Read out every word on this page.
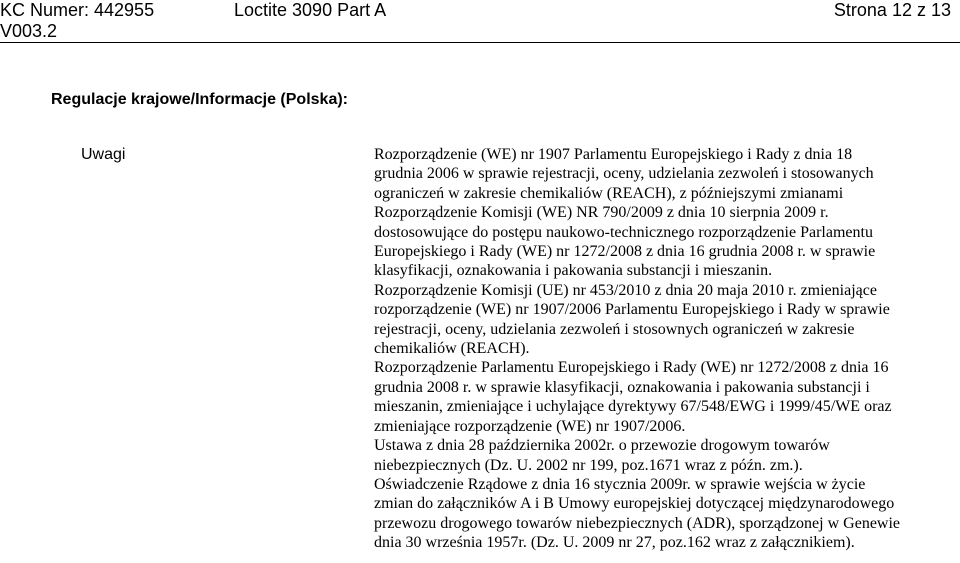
KC Numer: 442955
V003.2
Loctite 3090 Part A	Strona 12 z 13
Regulacje krajowe/Informacje (Polska):
Uwagi	Rozporządzenie (WE) nr 1907 Parlamentu Europejskiego i Rady z dnia 18
grudnia 2006 w sprawie rejestracji, oceny, udzielania zezwoleń i stosowanych
ograniczeń w zakresie chemikaliów (REACH), z późniejszymi zmianami
Rozporządzenie Komisji (WE) NR 790/2009 z dnia 10 sierpnia 2009 r.
dostosowujące do postępu naukowo-technicznego rozporządzenie Parlamentu
Europejskiego i Rady (WE) nr 1272/2008 z dnia 16 grudnia 2008 r. w sprawie
klasyfikacji, oznakowania i pakowania substancji i mieszanin.
Rozporządzenie Komisji (UE) nr 453/2010 z dnia 20 maja 2010 r. zmieniające
rozporządzenie (WE) nr 1907/2006 Parlamentu Europejskiego i Rady w sprawie
rejestracji, oceny, udzielania zezwoleń i stosownych ograniczeń w zakresie
chemikaliów (REACH).
Rozporządzenie Parlamentu Europejskiego i Rady (WE) nr 1272/2008 z dnia 16
grudnia 2008 r. w sprawie klasyfikacji, oznakowania i pakowania substancji i
mieszanin, zmieniające i uchylające dyrektywy 67/548/EWG i 1999/45/WE oraz
zmieniające rozporządzenie (WE) nr 1907/2006.
Ustawa z dnia 28 października 2002r. o przewozie drogowym towarów
niebezpiecznych (Dz. U. 2002 nr 199, poz.1671 wraz z późn. zm.).
Oświadczenie Rządowe z dnia 16 stycznia 2009r. w sprawie wejścia w życie
zmian do załączników A i B Umowy europejskiej dotyczącej międzynarodowego
przewozu drogowego towarów niebezpiecznych (ADR), sporządzonej w Genewie
dnia 30 września 1957r. (Dz. U. 2009 nr 27, poz.162 wraz z załącznikiem).
